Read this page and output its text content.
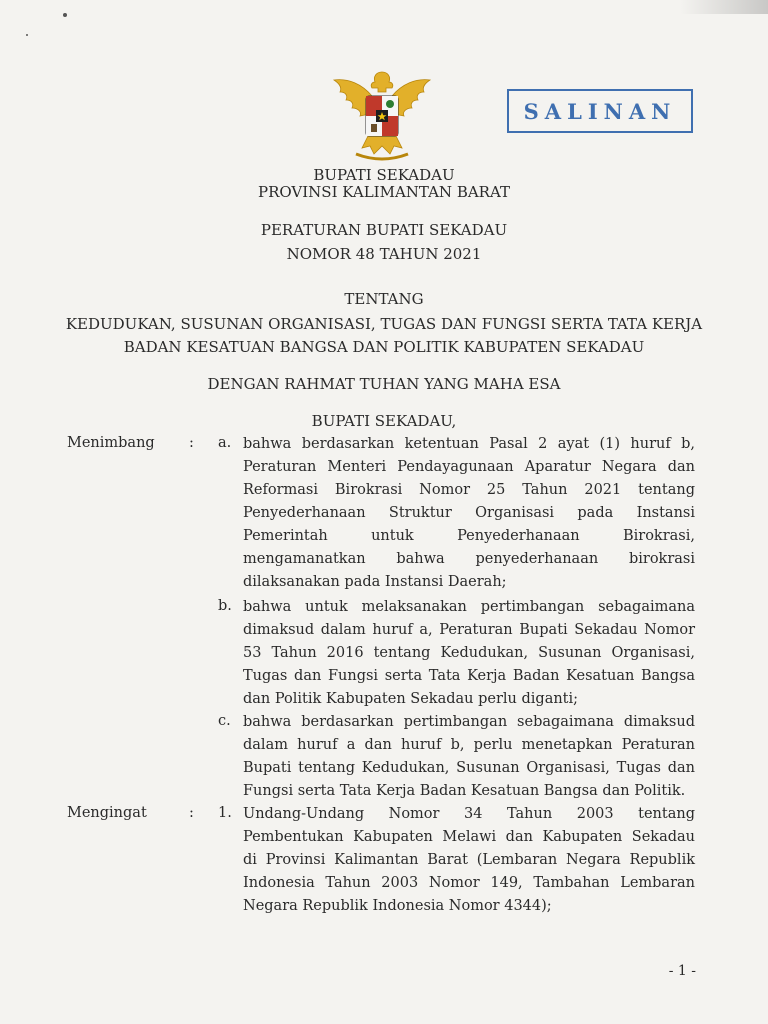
SALINAN
BUPATI SEKADAU
PROVINSI KALIMANTAN BARAT
PERATURAN BUPATI SEKADAU
NOMOR 48 TAHUN 2021
TENTANG
KEDUDUKAN, SUSUNAN ORGANISASI, TUGAS DAN FUNGSI SERTA TATA KERJA
BADAN KESATUAN BANGSA DAN POLITIK KABUPATEN SEKADAU
DENGAN RAHMAT TUHAN YANG MAHA ESA
BUPATI SEKADAU,
Menimbang : a. bahwa berdasarkan ketentuan Pasal 2 ayat (1) huruf b,
Peraturan Menteri Pendayagunaan Aparatur Negara dan
Reformasi Birokrasi Nomor 25 Tahun 2021 tentang
Penyederhanaan Struktur Organisasi pada Instansi
Pemerintah untuk Penyederhanaan Birokrasi,
mengamanatkan bahwa penyederhanaan birokrasi
dilaksanakan pada Instansi Daerah;
b. bahwa untuk melaksanakan pertimbangan sebagaimana
dimaksud dalam huruf a, Peraturan Bupati Sekadau Nomor
53 Tahun 2016 tentang Kedudukan, Susunan Organisasi,
Tugas dan Fungsi serta Tata Kerja Badan Kesatuan Bangsa
dan Politik Kabupaten Sekadau perlu diganti;
c. bahwa berdasarkan pertimbangan sebagaimana dimaksud
dalam huruf a dan huruf b, perlu menetapkan Peraturan
Bupati tentang Kedudukan, Susunan Organisasi, Tugas dan
Fungsi serta Tata Kerja Badan Kesatuan Bangsa dan Politik.
Mengingat	: 1. Undang-Undang Nomor 34 Tahun 2003 tentang
Pembentukan Kabupaten Melawi dan Kabupaten Sekadau
di Provinsi Kalimantan Barat (Lembaran Negara Republik
Indonesia Tahun 2003 Nomor 149, Tambahan Lembaran
Negara Republik Indonesia Nomor 4344);
- 1 -
